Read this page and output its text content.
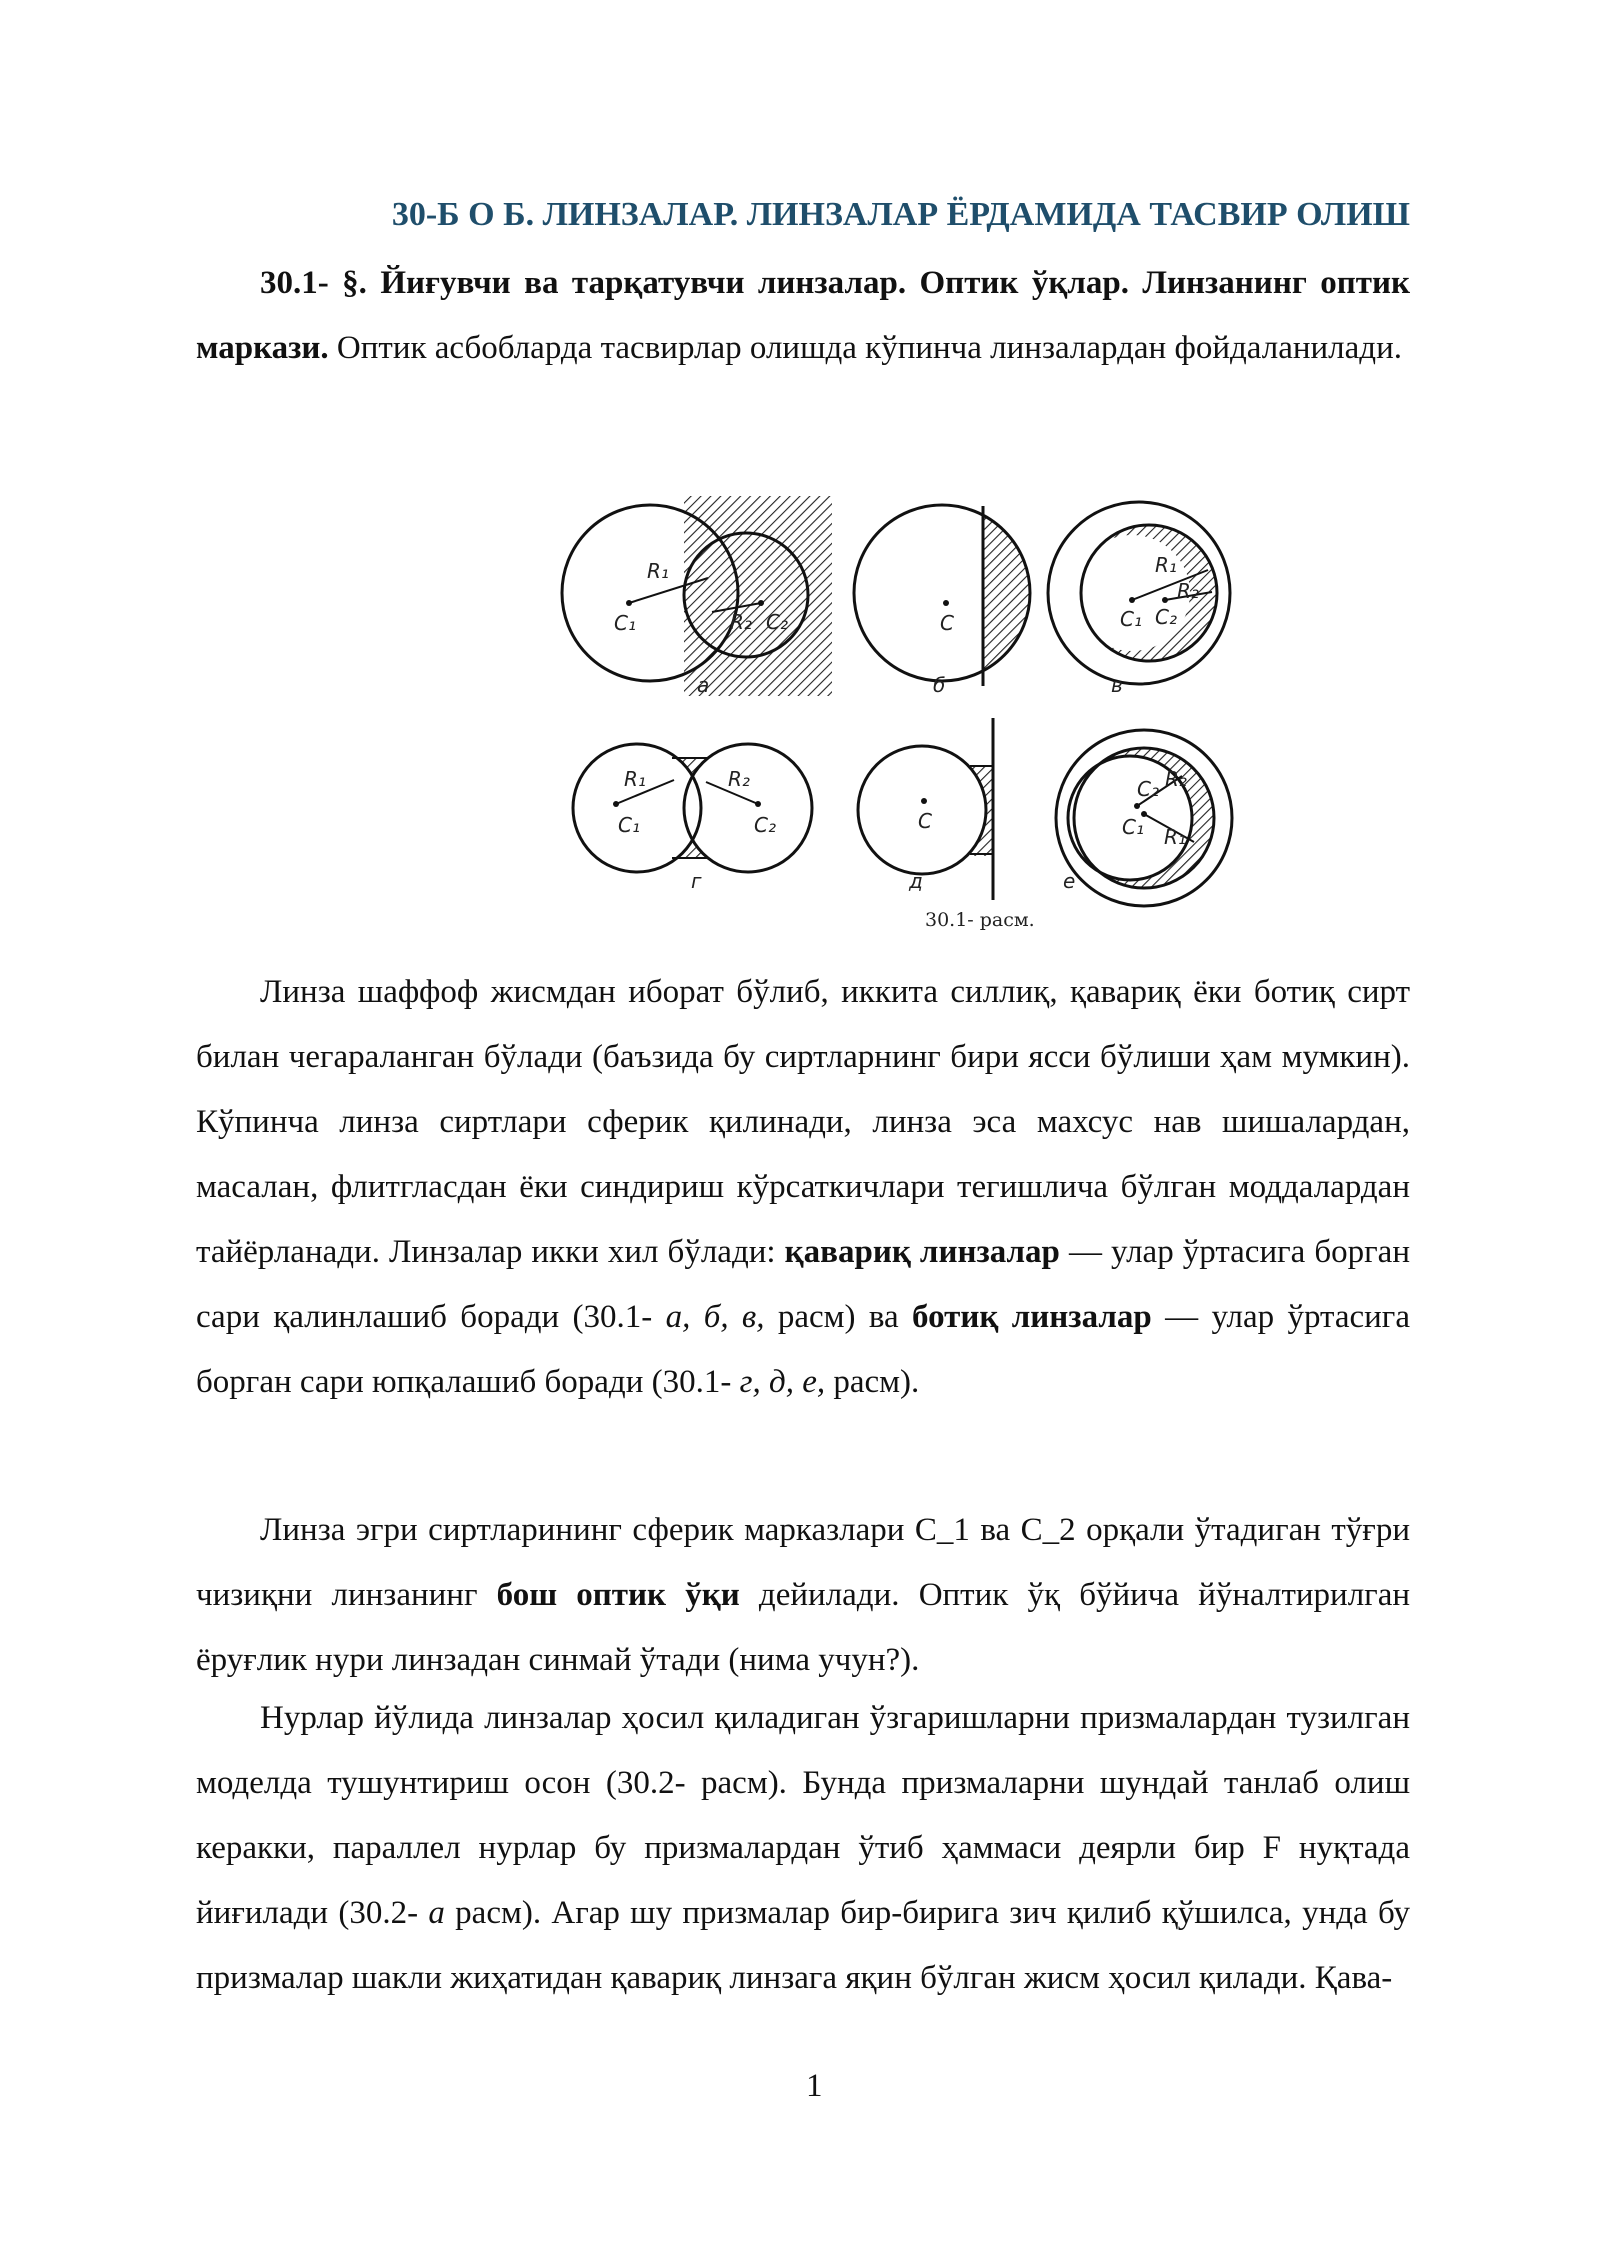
30-Б О Б. ЛИНЗАЛАР. ЛИНЗАЛАР ЁРДАМИДА ТАСВИР ОЛИШ

30.1- §. Йиғувчи ва тарқатувчи линзалар. Оптик ўқлар. Линзанинг оптик маркази. Оптик асбобларда тасвирлар олишда кўпинча линзалардан фойдаланилади.

R₁
C₁	C₂
R₂
а
C
б
R₁
R₂
C₁ C₂
в
R₁	R₂
C₁	C₂
г
C
д
C₂ R₂
C₁ R₁
е
30.1- расм.

Линза шаффоф жисмдан иборат бўлиб, иккита силлиқ, қавариқ ёки ботиқ сирт билан чегараланган бўлади (баъзида бу сиртларнинг бири ясси бўлиши ҳам мумкин). Кўпинча линза сиртлари сферик қилинади, линза эса махсус нав шишалардан, масалан, флитгласдан ёки синдириш кўрсаткичлари тегишлича бўлган моддалардан тайёрланади. Линзалар икки хил бўлади: қавариқ линзалар — улар ўртасига борган сари қалинлашиб боради (30.1- а, б, в, расм) ва ботиқ линзалар — улар ўртасига борган сари юпқалашиб боради (30.1- г, д, е, расм).

Линза эгри сиртларининг сферик марказлари C_1 ва C_2 орқали ўтадиган тўғри чизиқни линзанинг бош оптик ўқи дейилади. Оптик ўқ бўйича йўналтирилган ёруғлик нури линзадан синмай ўтади (нима учун?).

Нурлар йўлида линзалар ҳосил қиладиган ўзгаришларни призмалардан тузилган моделда тушунтириш осон (30.2- расм). Бунда призмаларни шундай танлаб олиш керакки, параллел нурлар бу призмалардан ўтиб ҳаммаси деярли бир F нуқтада йиғилади (30.2- а расм). Агар шу призмалар бир-бирига зич қилиб қўшилса, унда бу призмалар шакли жиҳатидан қавариқ линзага яқин бўлган жисм ҳосил қилади. Қава-

1
